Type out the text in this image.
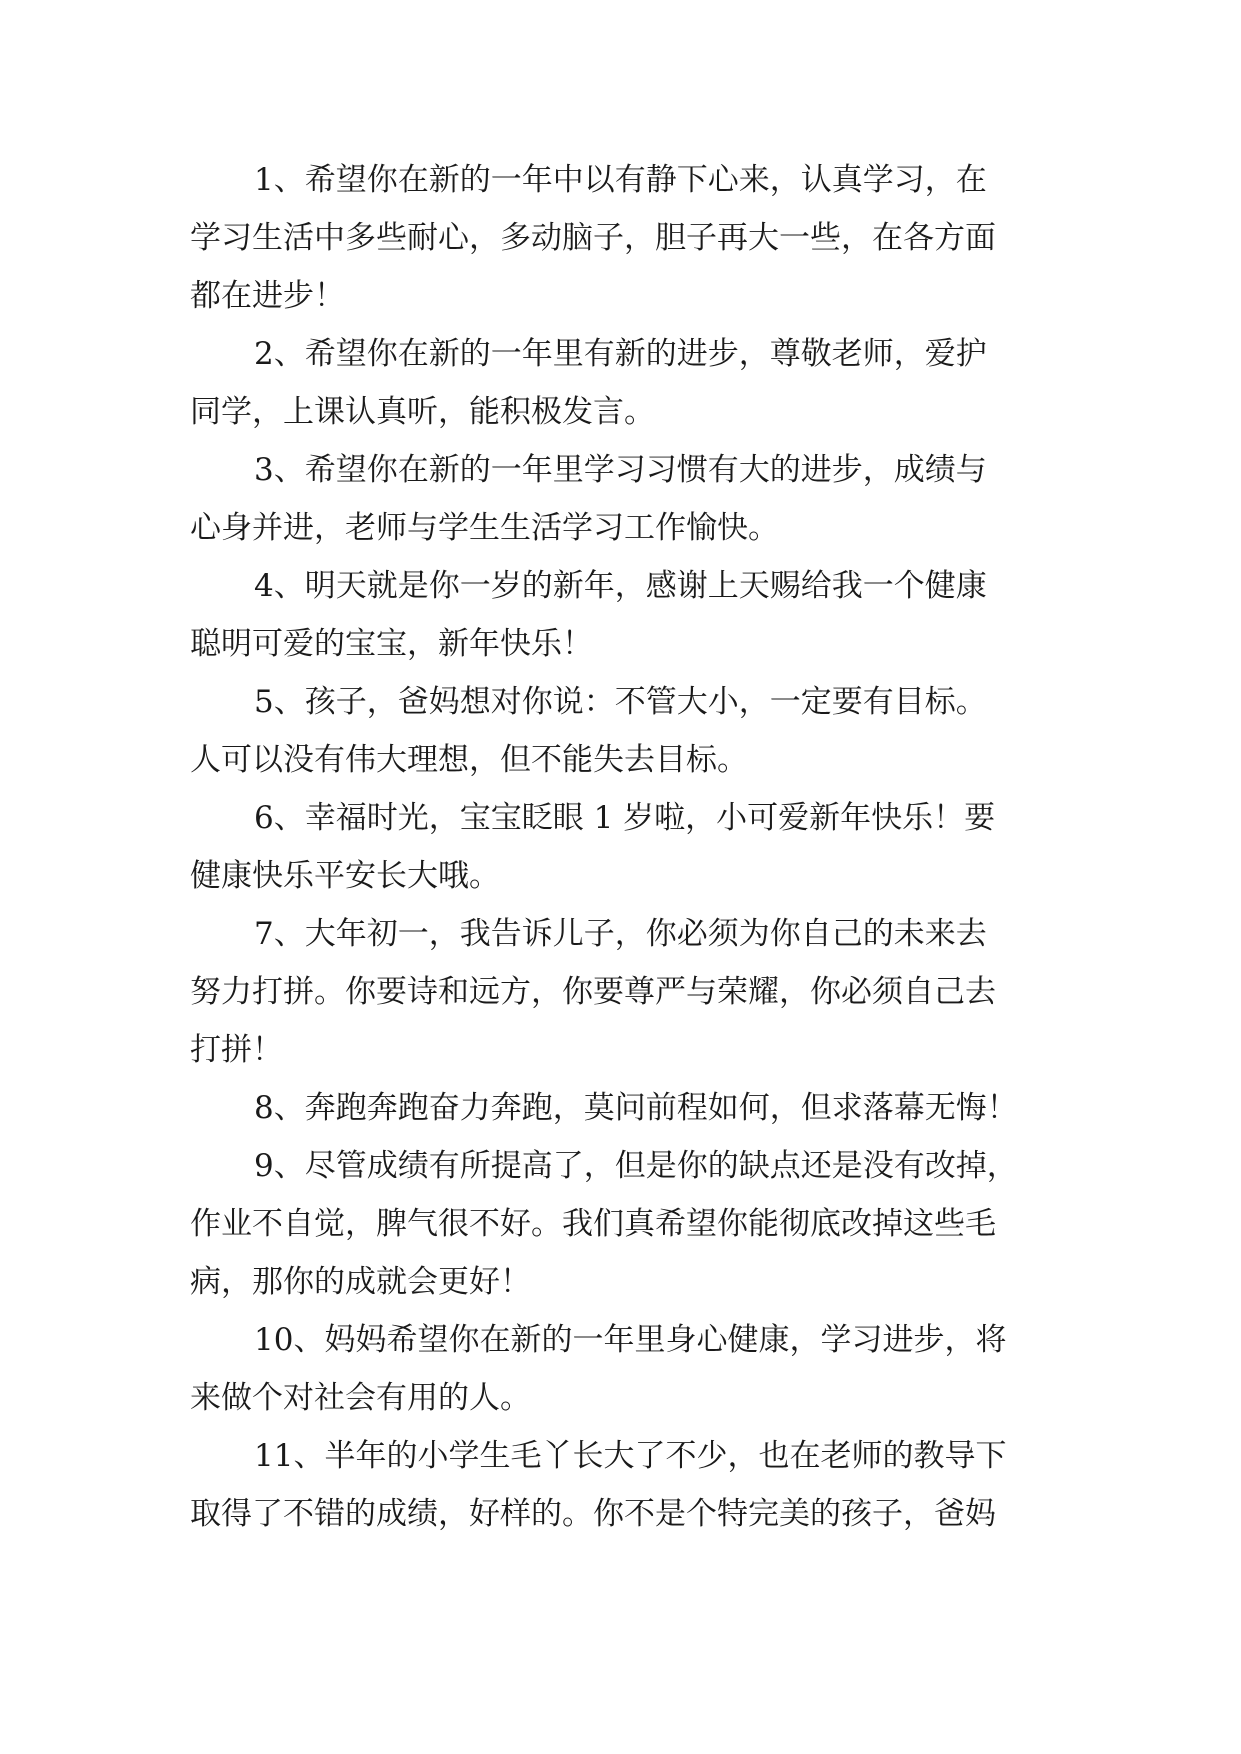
1、希望你在新的一年中以有静下心来，认真学习，在
学习生活中多些耐心，多动脑子，胆子再大一些，在各方面
都在进步！
2、希望你在新的一年里有新的进步，尊敬老师，爱护
同学，上课认真听，能积极发言。
3、希望你在新的一年里学习习惯有大的进步，成绩与
心身并进，老师与学生生活学习工作愉快。
4、明天就是你一岁的新年，感谢上天赐给我一个健康
聪明可爱的宝宝，新年快乐！
5、孩子，爸妈想对你说：不管大小，一定要有目标。
人可以没有伟大理想，但不能失去目标。
6、幸福时光，宝宝眨眼 1 岁啦，小可爱新年快乐！要
健康快乐平安长大哦。
7、大年初一，我告诉儿子，你必须为你自己的未来去
努力打拼。你要诗和远方，你要尊严与荣耀，你必须自己去
打拼！
8、奔跑奔跑奋力奔跑，莫问前程如何，但求落幕无悔！
9、尽管成绩有所提高了，但是你的缺点还是没有改掉，
作业不自觉，脾气很不好。我们真希望你能彻底改掉这些毛
病，那你的成就会更好！
10、妈妈希望你在新的一年里身心健康，学习进步，将
来做个对社会有用的人。
11、半年的小学生毛丫长大了不少，也在老师的教导下
取得了不错的成绩，好样的。你不是个特完美的孩子，爸妈
